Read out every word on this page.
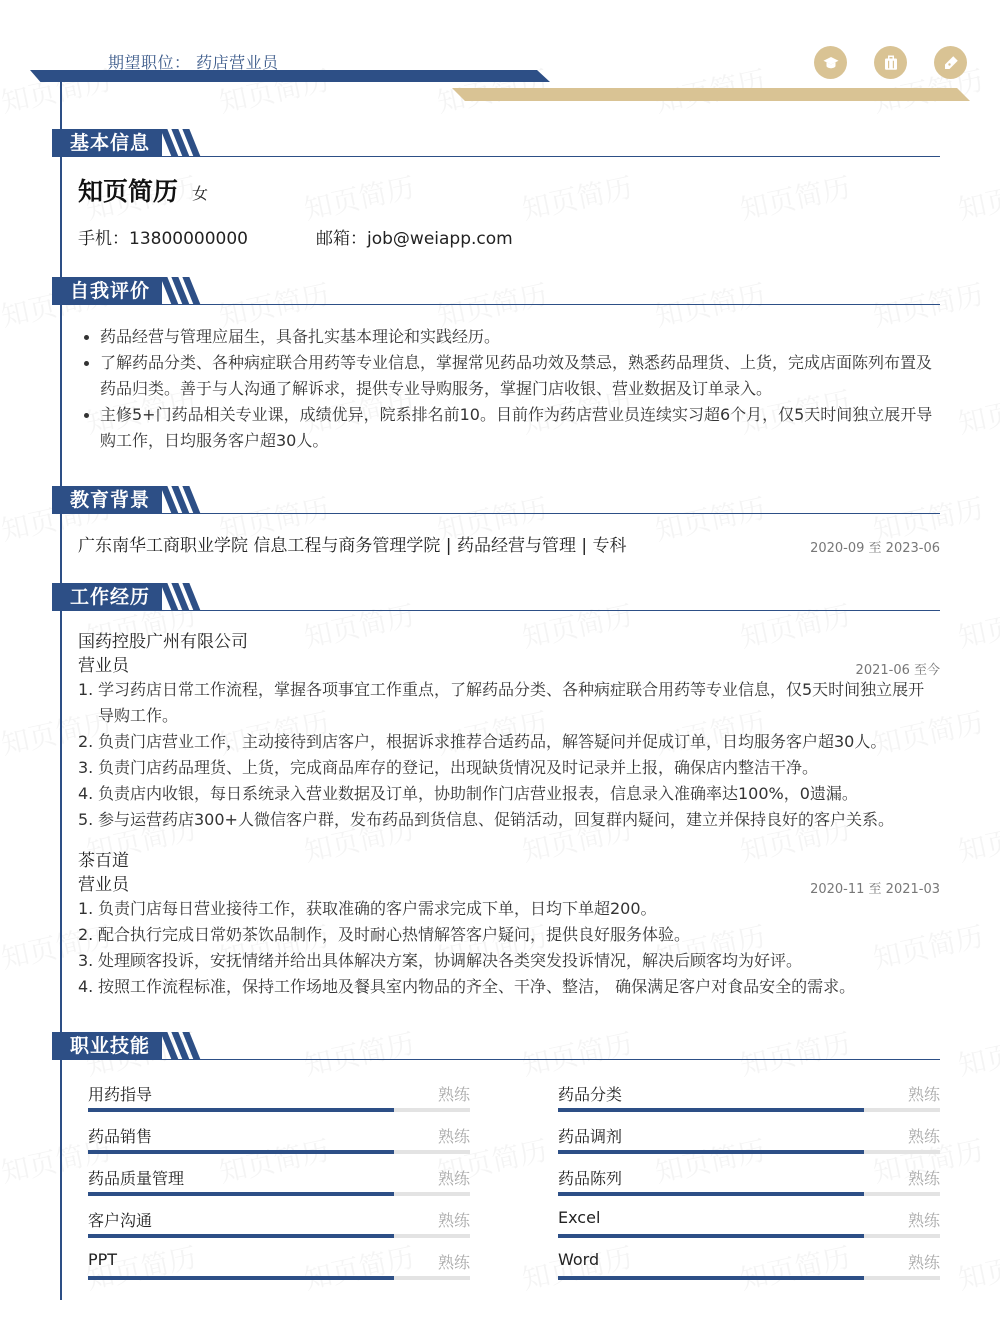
期望职位： 药店营业员
基本信息
知页简历 女
手机：13800000000	邮箱：job@weiapp.com
自我评价
药品经营与管理应届生，具备扎实基本理论和实践经历。
了解药品分类、各种病症联合用药等专业信息，掌握常见药品功效及禁忌，熟悉药品理货、上货，完成店面陈列布置及药品归类。善于与人沟通了解诉求，提供专业导购服务，掌握门店收银、营业数据及订单录入。
主修5+门药品相关专业课，成绩优异，院系排名前10。目前作为药店营业员连续实习超6个月，仅5天时间独立展开导购工作，日均服务客户超30人。
教育背景
广东南华工商职业学院 信息工程与商务管理学院 | 药品经营与管理 | 专科	2020-09 至 2023-06
工作经历
国药控股广州有限公司
营业员	2021-06 至今
1. 学习药店日常工作流程，掌握各项事宜工作重点，了解药品分类、各种病症联合用药等专业信息，仅5天时间独立展开导购工作。
2. 负责门店营业工作，主动接待到店客户，根据诉求推荐合适药品，解答疑问并促成订单，日均服务客户超30人。
3. 负责门店药品理货、上货，完成商品库存的登记，出现缺货情况及时记录并上报，确保店内整洁干净。
4. 负责店内收银，每日系统录入营业数据及订单，协助制作门店营业报表，信息录入准确率达100%，0遗漏。
5. 参与运营药店300+人微信客户群，发布药品到货信息、促销活动，回复群内疑问，建立并保持良好的客户关系。
茶百道
营业员	2020-11 至 2021-03
1. 负责门店每日营业接待工作，获取准确的客户需求完成下单，日均下单超200。
2. 配合执行完成日常奶茶饮品制作，及时耐心热情解答客户疑问，提供良好服务体验。
3. 处理顾客投诉，安抚情绪并给出具体解决方案，协调解决各类突发投诉情况，解决后顾客均为好评。
4. 按照工作流程标准，保持工作场地及餐具室内物品的齐全、干净、整洁， 确保满足客户对食品安全的需求。
职业技能
用药指导	熟练	药品分类	熟练
药品销售	熟练	药品调剂	熟练
药品质量管理	熟练	药品陈列	熟练
客户沟通	熟练	Excel	熟练
PPT	熟练	Word	熟练
